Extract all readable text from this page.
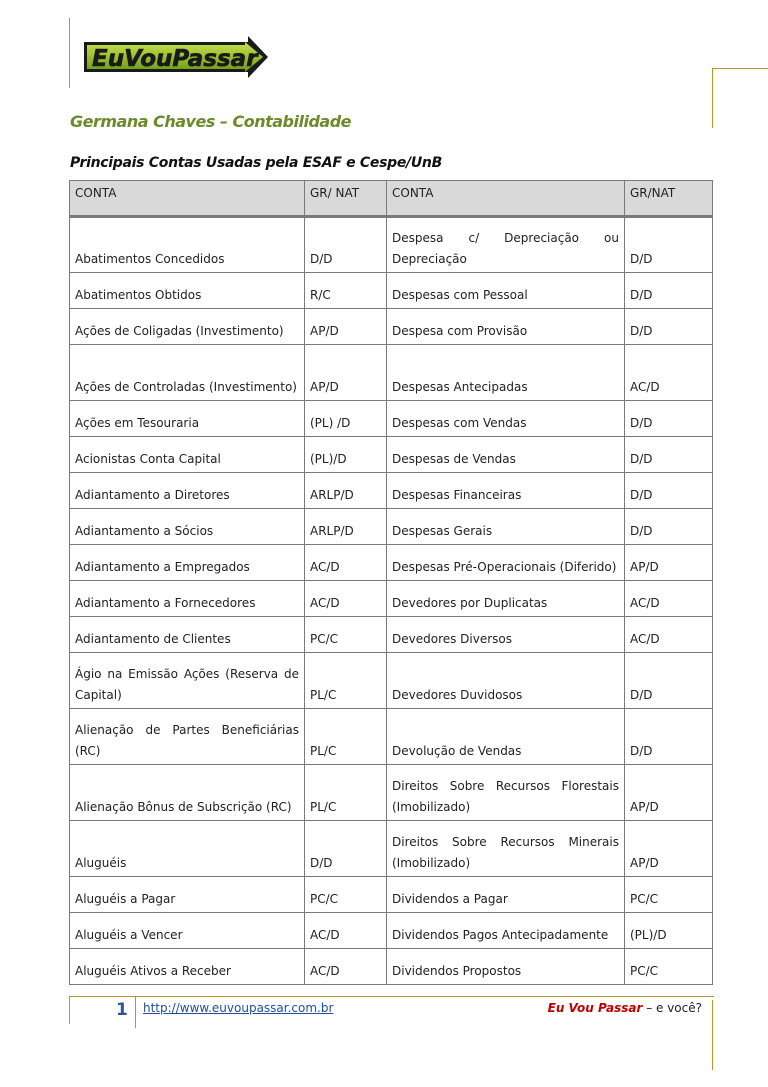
EuVouPassar
Germana Chaves – Contabilidade
Principais Contas Usadas pela ESAF e Cespe/UnB
CONTA	GR/ NAT	CONTA	GR/NAT
Abatimentos Concedidos	D/D	Despesa c/ Depreciação ou Depreciação	D/D
Abatimentos Obtidos	R/C	Despesas com Pessoal	D/D
Ações de Coligadas (Investimento)	AP/D	Despesa com Provisão	D/D
Ações de Controladas (Investimento)	AP/D	Despesas Antecipadas	AC/D
Ações em Tesouraria	(PL) /D	Despesas com Vendas	D/D
Acionistas Conta Capital	(PL)/D	Despesas de Vendas	D/D
Adiantamento a Diretores	ARLP/D	Despesas Financeiras	D/D
Adiantamento a Sócios	ARLP/D	Despesas Gerais	D/D
Adiantamento a Empregados	AC/D	Despesas Pré-Operacionais (Diferido)	AP/D
Adiantamento a Fornecedores	AC/D	Devedores por Duplicatas	AC/D
Adiantamento de Clientes	PC/C	Devedores Diversos	AC/D
Ágio na Emissão Ações (Reserva de Capital)	PL/C	Devedores Duvidosos	D/D
Alienação de Partes Beneficiárias (RC)	PL/C	Devolução de Vendas	D/D
Alienação Bônus de Subscrição (RC)	PL/C	Direitos Sobre Recursos Florestais (Imobilizado)	AP/D
Aluguéis	D/D	Direitos Sobre Recursos Minerais (Imobilizado)	AP/D
Aluguéis a Pagar	PC/C	Dividendos a Pagar	PC/C
Aluguéis a Vencer	AC/D	Dividendos Pagos Antecipadamente	(PL)/D
Aluguéis Ativos a Receber	AC/D	Dividendos Propostos	PC/C
1 http://www.euvoupassar.com.br	Eu Vou Passar – e você?
